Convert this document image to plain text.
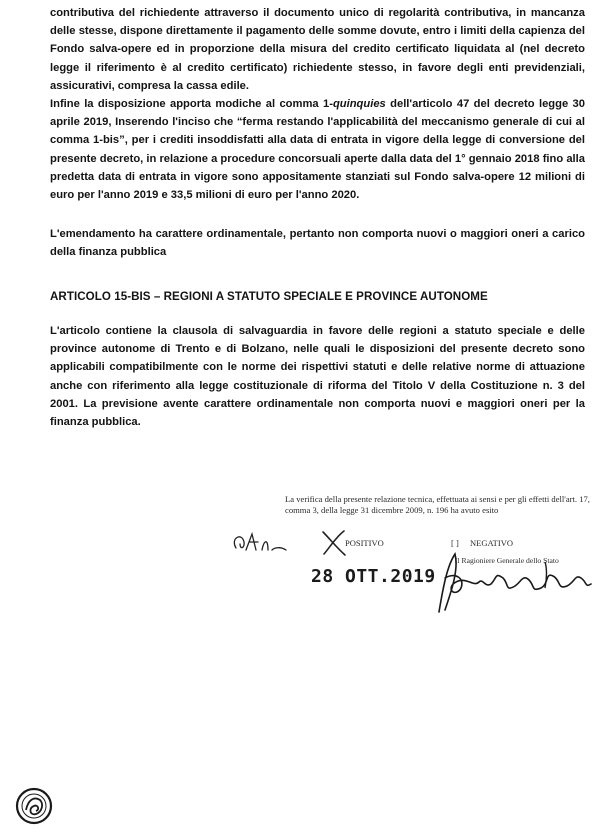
contributiva del richiedente attraverso il documento unico di regolarità contributiva, in mancanza delle stesse, dispone direttamente il pagamento delle somme dovute, entro i limiti della capienza del Fondo salva-opere ed in proporzione della misura del credito certificato liquidata al (nel decreto legge il riferimento è al credito certificato) richiedente stesso, in favore degli enti previdenziali, assicurativi, compresa la cassa edile.

Infine la disposizione apporta modiche al comma 1-quinquies dell'articolo 47 del decreto legge 30 aprile 2019, Inserendo l'inciso che “ferma restando l'applicabilità del meccanismo generale di cui al comma 1-bis”, per i crediti insoddisfatti alla data di entrata in vigore della legge di conversione del presente decreto, in relazione a procedure concorsuali aperte dalla data del 1° gennaio 2018 fino alla predetta data di entrata in vigore sono appositamente stanziati sul Fondo salva-opere 12 milioni di euro per l'anno 2019 e 33,5 milioni di euro per l'anno 2020.

L'emendamento ha carattere ordinamentale, pertanto non comporta nuovi o maggiori oneri a carico della finanza pubblica

ARTICOLO 15-BIS – REGIONI A STATUTO SPECIALE E PROVINCE AUTONOME

L'articolo contiene la clausola di salvaguardia in favore delle regioni a statuto speciale e delle province autonome di Trento e di Bolzano, nelle quali le disposizioni del presente decreto sono applicabili compatibilmente con le norme dei rispettivi statuti e delle relative norme di attuazione anche con riferimento alla legge costituzionale di riforma del Titolo V della Costituzione n. 3 del 2001. La previsione avente carattere ordinamentale non comporta nuovi e maggiori oneri per la finanza pubblica.

La verifica della presente relazione tecnica, effettuata ai sensi e per gli effetti dell'art. 17, comma 3, della legge 31 dicembre 2009, n. 196 ha avuto esito

POSITIVO	[ ] NEGATIVO

28 OTT.2019

Il Ragioniere Generale dello Stato
